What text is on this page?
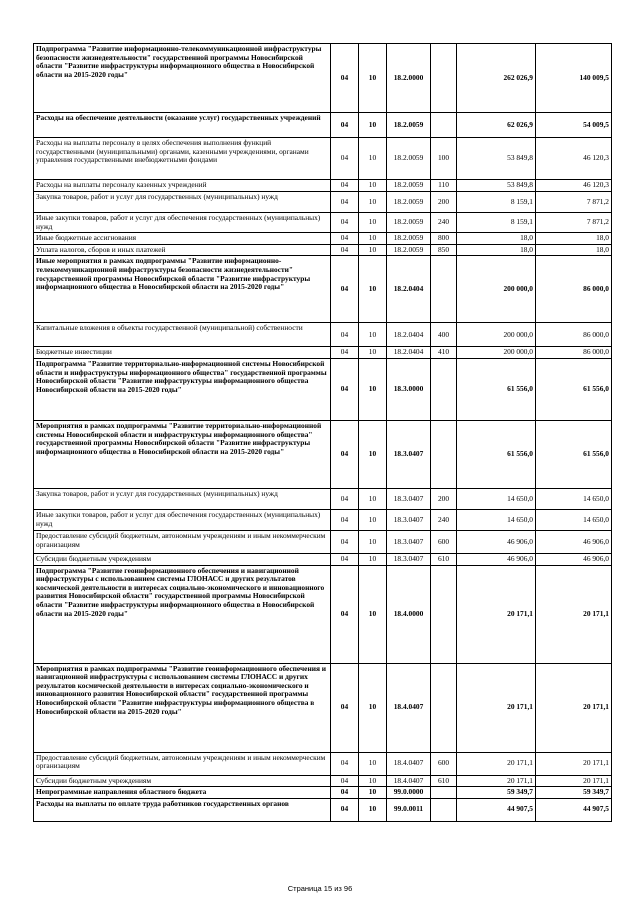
Подпрограмма "Развитие информационно-телекоммуникационной инфраструктуры безопасности жизнедеятельности" государственной программы Новосибирской области "Развитие инфраструктуры информационного общества в Новосибирской области на 2015-2020 годы"	04	10	18.2.0000		262 026,9	140 009,5
Расходы на обеспечение деятельности (оказание услуг) государственных учреждений	04	10	18.2.0059		62 026,9	54 009,5
Расходы на выплаты персоналу в целях обеспечения выполнения функций государственными (муниципальными) органами, казенными учреждениями, органами управления государственными внебюджетными фондами	04	10	18.2.0059	100	53 849,8	46 120,3
Расходы на выплаты персоналу казенных учреждений	04	10	18.2.0059	110	53 849,8	46 120,3
Закупка товаров, работ и услуг для государственных (муниципальных) нужд	04	10	18.2.0059	200	8 159,1	7 871,2
Иные закупки товаров, работ и услуг для обеспечения государственных (муниципальных) нужд	04	10	18.2.0059	240	8 159,1	7 871,2
Иные бюджетные ассигнования	04	10	18.2.0059	800	18,0	18,0
Уплата налогов, сборов и иных платежей	04	10	18.2.0059	850	18,0	18,0
Иные мероприятия в рамках подпрограммы "Развитие информационно-телекоммуникационной инфраструктуры безопасности жизнедеятельности" государственной программы Новосибирской области "Развитие инфраструктуры информационного общества в Новосибирской области на 2015-2020 годы"	04	10	18.2.0404		200 000,0	86 000,0
Капитальные вложения в объекты государственной (муниципальной) собственности	04	10	18.2.0404	400	200 000,0	86 000,0
Бюджетные инвестиции	04	10	18.2.0404	410	200 000,0	86 000,0
Подпрограмма "Развитие территориально-информационной системы Новосибирской области и инфраструктуры информационного общества" государственной программы Новосибирской области "Развитие инфраструктуры информационного общества Новосибирской области на 2015-2020 годы"	04	10	18.3.0000		61 556,0	61 556,0
Мероприятия в рамках подпрограммы "Развитие территориально-информационной системы Новосибирской области и инфраструктуры информационного общества" государственной программы Новосибирской области "Развитие инфраструктуры информационного общества в Новосибирской области на 2015-2020 годы"	04	10	18.3.0407		61 556,0	61 556,0
Закупка товаров, работ и услуг для государственных (муниципальных) нужд	04	10	18.3.0407	200	14 650,0	14 650,0
Иные закупки товаров, работ и услуг для обеспечения государственных (муниципальных) нужд	04	10	18.3.0407	240	14 650,0	14 650,0
Предоставление субсидий бюджетным, автономным учреждениям и иным некоммерческим организациям	04	10	18.3.0407	600	46 906,0	46 906,0
Субсидии бюджетным учреждениям	04	10	18.3.0407	610	46 906,0	46 906,0
Подпрограмма "Развитие геоинформационного обеспечения и навигационной инфраструктуры с использованием системы ГЛОНАСС и других результатов космической деятельности в интересах социально-экономического и инновационного развития Новосибирской области" государственной программы Новосибирской области "Развитие инфраструктуры информационного общества в Новосибирской области на 2015-2020 годы"	04	10	18.4.0000		20 171,1	20 171,1
Мероприятия в рамках подпрограммы "Развитие геоинформационного обеспечения и навигационной инфраструктуры с использованием системы ГЛОНАСС и других результатов космической деятельности в интересах социально-экономического и инновационного развития Новосибирской области" государственной программы Новосибирской области "Развитие инфраструктуры информационного общества в Новосибирской области на 2015-2020 годы"	04	10	18.4.0407		20 171,1	20 171,1
Предоставление субсидий бюджетным, автономным учреждениям и иным некоммерческим организациям	04	10	18.4.0407	600	20 171,1	20 171,1
Субсидии бюджетным учреждениям	04	10	18.4.0407	610	20 171,1	20 171,1
Непрограммные направления областного бюджета	04	10	99.0.0000		59 349,7	59 349,7
Расходы на выплаты по оплате труда работников государственных органов	04	10	99.0.0011		44 907,5	44 907,5
Страница 15 из 96
